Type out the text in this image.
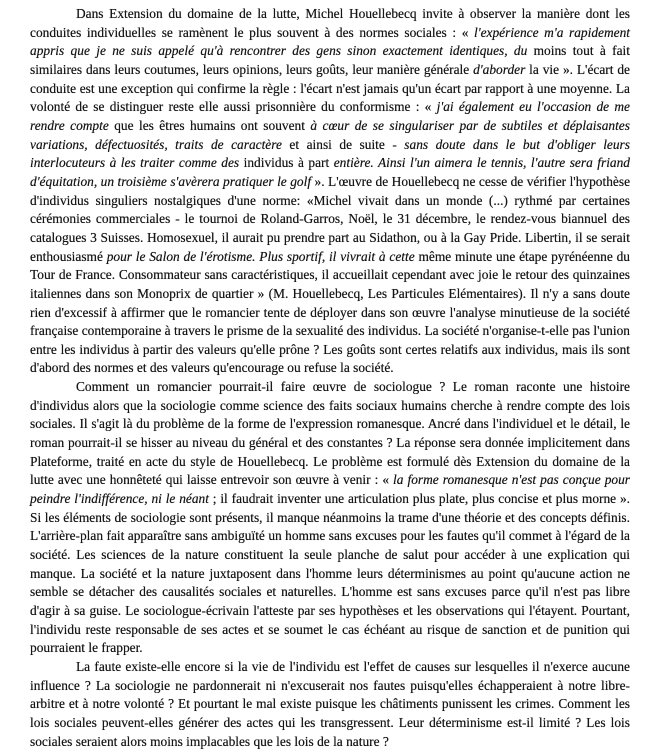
Dans Extension du domaine de la lutte, Michel Houellebecq invite à observer la manière dont les conduites individuelles se ramènent le plus souvent à des normes sociales : « l'expérience m'a rapidement appris que je ne suis appelé qu'à rencontrer des gens sinon exactement identiques, du moins tout à fait similaires dans leurs coutumes, leurs opinions, leurs goûts, leur manière générale d'aborder la vie ». L'écart de conduite est une exception qui confirme la règle : l'écart n'est jamais qu'un écart par rapport à une moyenne. La volonté de se distinguer reste elle aussi prisonnière du conformisme : « j'ai également eu l'occasion de me rendre compte que les êtres humains ont souvent à cœur de se singulariser par de subtiles et déplaisantes variations, défectuosités, traits de caractère et ainsi de suite - sans doute dans le but d'obliger leurs interlocuteurs à les traiter comme des individus à part entière. Ainsi l'un aimera le tennis, l'autre sera friand d'équitation, un troisième s'avèrera pratiquer le golf ». L'œuvre de Houellebecq ne cesse de vérifier l'hypothèse d'individus singuliers nostalgiques d'une norme: «Michel vivait dans un monde (...) rythmé par certaines cérémonies commerciales - le tournoi de Roland-Garros, Noël, le 31 décembre, le rendez-vous biannuel des catalogues 3 Suisses. Homosexuel, il aurait pu prendre part au Sidathon, ou à la Gay Pride. Libertin, il se serait enthousiasmé pour le Salon de l'érotisme. Plus sportif, il vivrait à cette même minute une étape pyrénéenne du Tour de France. Consommateur sans caractéristiques, il accueillait cependant avec joie le retour des quinzaines italiennes dans son Monoprix de quartier » (M. Houellebecq, Les Particules Elémentaires). Il n'y a sans doute rien d'excessif à affirmer que le romancier tente de déployer dans son œuvre l'analyse minutieuse de la société française contemporaine à travers le prisme de la sexualité des individus. La société n'organise-t-elle pas l'union entre les individus à partir des valeurs qu'elle prône ? Les goûts sont certes relatifs aux individus, mais ils sont d'abord des normes et des valeurs qu'encourage ou refuse la société.

Comment un romancier pourrait-il faire œuvre de sociologue ? Le roman raconte une histoire d'individus alors que la sociologie comme science des faits sociaux humains cherche à rendre compte des lois sociales. Il s'agit là du problème de la forme de l'expression romanesque. Ancré dans l'individuel et le détail, le roman pourrait-il se hisser au niveau du général et des constantes ? La réponse sera donnée implicitement dans Plateforme, traité en acte du style de Houellebecq. Le problème est formulé dès Extension du domaine de la lutte avec une honnêteté qui laisse entrevoir son œuvre à venir : « la forme romanesque n'est pas conçue pour peindre l'indifférence, ni le néant ; il faudrait inventer une articulation plus plate, plus concise et plus morne ». Si les éléments de sociologie sont présents, il manque néanmoins la trame d'une théorie et des concepts définis. L'arrière-plan fait apparaître sans ambiguïté un homme sans excuses pour les fautes qu'il commet à l'égard de la société. Les sciences de la nature constituent la seule planche de salut pour accéder à une explication qui manque. La société et la nature juxtaposent dans l'homme leurs déterminismes au point qu'aucune action ne semble se détacher des causalités sociales et naturelles. L'homme est sans excuses parce qu'il n'est pas libre d'agir à sa guise. Le sociologue-écrivain l'atteste par ses hypothèses et les observations qui l'étayent. Pourtant, l'individu reste responsable de ses actes et se soumet le cas échéant au risque de sanction et de punition qui pourraient le frapper.

La faute existe-elle encore si la vie de l'individu est l'effet de causes sur lesquelles il n'exerce aucune influence ? La sociologie ne pardonnerait ni n'excuserait nos fautes puisqu'elles échapperaient à notre libre-arbitre et à notre volonté ? Et pourtant le mal existe puisque les châtiments punissent les crimes. Comment les lois sociales peuvent-elles générer des actes qui les transgressent. Leur déterminisme est-il limité ? Les lois sociales seraient alors moins implacables que les lois de la nature ?
